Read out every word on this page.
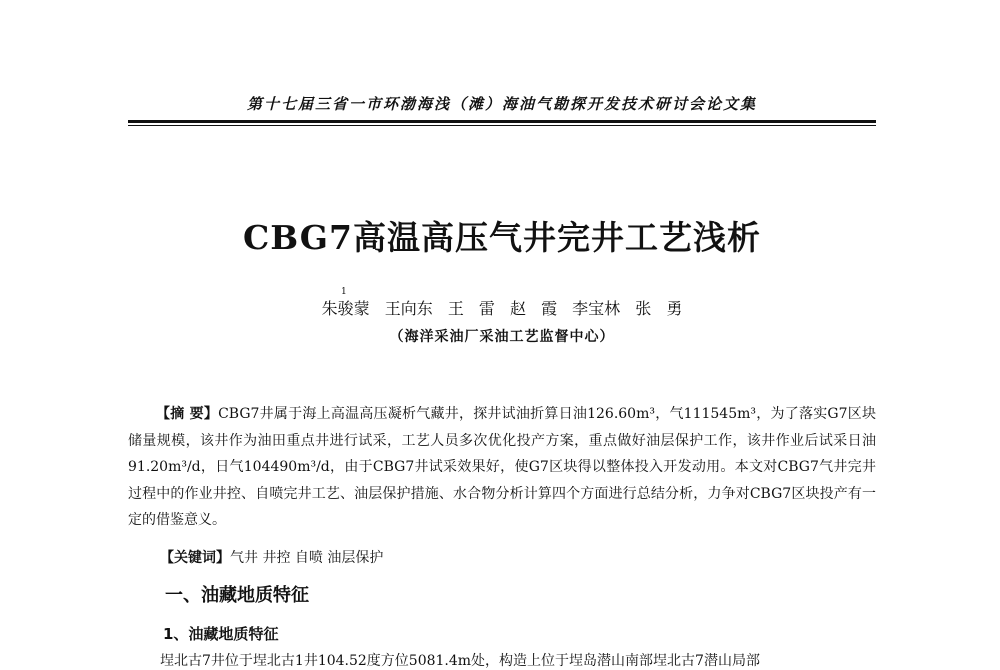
第十七届三省一市环渤海浅（滩）海油气勘探开发技术研讨会论文集
CBG7高温高压气井完井工艺浅析
1
朱骏蒙 王向东 王 雷 赵 霞 李宝林 张 勇
（海洋采油厂采油工艺监督中心）
【摘 要】CBG7井属于海上高温高压凝析气藏井，探井试油折算日油126.60m³，气111545m³，为了落实G7区块储量规模，该井作为油田重点井进行试采，工艺人员多次优化投产方案，重点做好油层保护工作，该井作业后试采日油91.20m³/d，日气104490m³/d，由于CBG7井试采效果好，使G7区块得以整体投入开发动用。本文对CBG7气井完井过程中的作业井控、自喷完井工艺、油层保护措施、水合物分析计算四个方面进行总结分析，力争对CBG7区块投产有一定的借鉴意义。
【关键词】气井 井控 自喷 油层保护
一、油藏地质特征
1、油藏地质特征
埕北古7井位于埕北古1井104.52度方位5081.4m处，构造上位于埕岛潜山南部埕北古7潜山局部
